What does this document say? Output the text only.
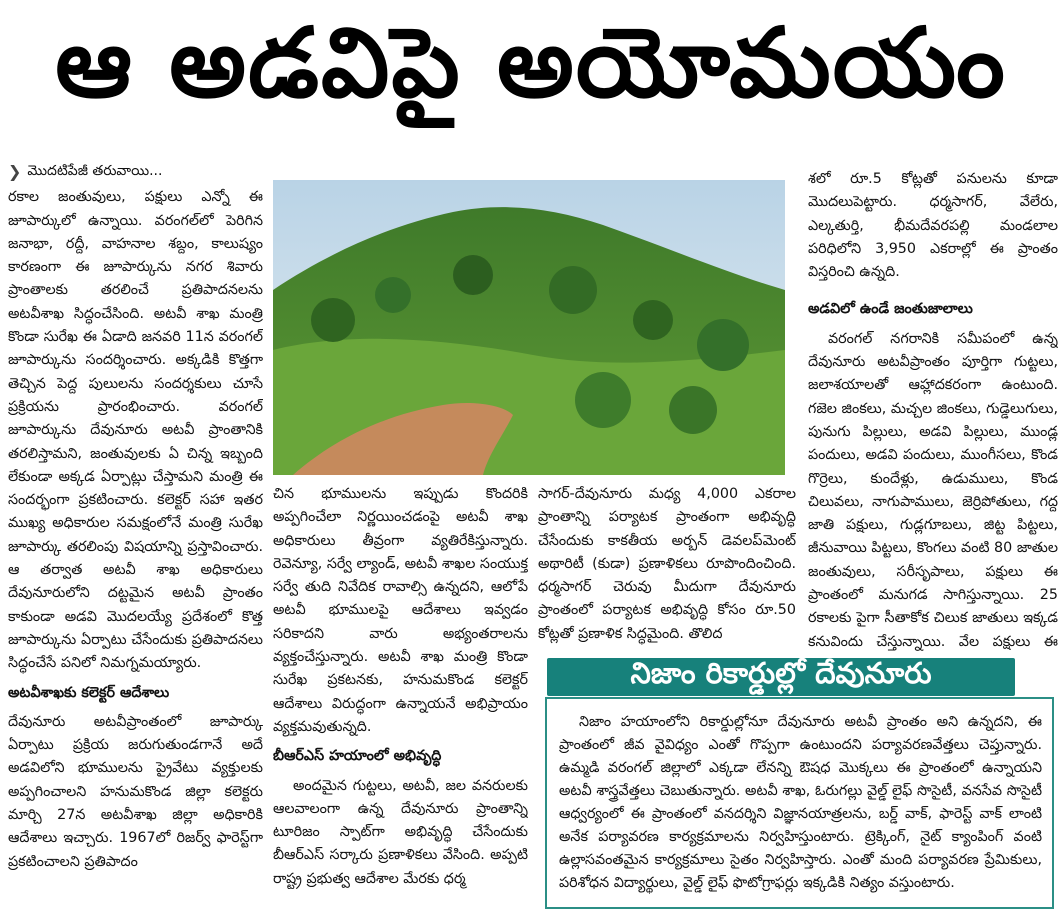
ఆ అడవిపై అయోమయం
❯ మొదటిపేజీ తరువాయి...

రకాల జంతువులు, పక్షులు ఎన్నో ఈ జూపార్కులో ఉన్నాయి. వరంగల్‌లో పెరిగిన జనాభా, రద్దీ, వాహనాల శబ్దం, కాలుష్యం కారణంగా ఈ జూపార్కును నగర శివారు ప్రాంతాలకు తరలించే ప్రతిపాదనలను అటవీశాఖ సిద్ధంచేసింది. అటవీ శాఖ మంత్రి కొండా సురేఖ ఈ ఏడాది జనవరి 11న వరంగల్ జూపార్కును సందర్శించారు. అక్కడికి కొత్తగా తెచ్చిన పెద్ద పులులను సందర్శకులు చూసే ప్రక్రియను ప్రారంభించారు. వరంగల్ జూపార్కును దేవునూరు అటవీ ప్రాంతానికి తరలిస్తామని, జంతువులకు ఏ చిన్న ఇబ్బంది లేకుండా అక్కడ ఏర్పాట్లు చేస్తామని మంత్రి ఈ సందర్భంగా ప్రకటించారు. కలెక్టర్ సహా ఇతర ముఖ్య అధికారుల సమక్షంలోనే మంత్రి సురేఖ జూపార్కు తరలింపు విషయాన్ని ప్రస్తావించారు. ఆ తర్వాత అటవీ శాఖ అధికారులు దేవునూరులోని దట్టమైన అటవీ ప్రాంతం కాకుండా అడవి మొదలయ్యే ప్రదేశంలో కొత్త జూపార్కును ఏర్పాటు చేసేందుకు ప్రతిపాదనలు సిద్ధంచేసే పనిలో నిమగ్నమయ్యారు.

అటవీశాఖకు కలెక్టర్ ఆదేశాలు

దేవునూరు అటవీప్రాంతంలో జూపార్కు ఏర్పాటు ప్రక్రియ జరుగుతుండగానే అదే అడవిలోని భూములను ప్రైవేటు వ్యక్తులకు అప్పగించాలని హనుమకొండ జిల్లా కలెక్టరు మార్చి 27న అటవీశాఖ జిల్లా అధికారికి ఆదేశాలు ఇచ్చారు. 1967లో రిజర్వ్ ఫారెస్ట్‌గా ప్రకటించాలని ప్రతిపాదం

చిన భూములను ఇప్పుడు కొందరికి అప్పగించేలా నిర్ణయించడంపై అటవీ శాఖ అధికారులు తీవ్రంగా వ్యతిరేకిస్తున్నారు. రెవెన్యూ, సర్వే ల్యాండ్, అటవీ శాఖల సంయుక్త సర్వే తుది నివేదిక రావాల్సి ఉన్నదని, ఆలోపే అటవీ భూములపై ఆదేశాలు ఇవ్వడం సరికాదని వారు అభ్యంతరాలను వ్యక్తంచేస్తున్నారు. అటవీ శాఖ మంత్రి కొండా సురేఖ ప్రకటనకు, హనుమకొండ కలెక్టర్ ఆదేశాలు విరుద్ధంగా ఉన్నాయనే అభిప్రాయం వ్యక్తమవుతున్నది.

బీఆర్‌ఎస్ హయాంలో అభివృద్ధి

అందమైన గుట్టలు, అటవీ, జల వనరులకు ఆలవాలంగా ఉన్న దేవునూరు ప్రాంతాన్ని టూరిజం స్పాట్‌గా అభివృద్ధి చేసేందుకు బీఆర్‌ఎస్ సర్కారు ప్రణాళికలు వేసింది. అప్పటి రాష్ట్ర ప్రభుత్వ ఆదేశాల మేరకు ధర్మ

సాగర్-దేవునూరు మధ్య 4,000 ఎకరాల ప్రాంతాన్ని పర్యాటక ప్రాంతంగా అభివృద్ధి చేసేందుకు కాకతీయ అర్బన్ డెవలప్‌మెంట్ అథారిటీ (కుడా) ప్రణాళికలు రూపొందించింది. ధర్మసాగర్ చెరువు మీదుగా దేవునూరు ప్రాంతంలో పర్యాటక అభివృద్ధి కోసం రూ.50 కోట్లతో ప్రణాళిక సిద్ధమైంది. తొలిద

శలో రూ.5 కోట్లతో పనులను కూడా మొదలుపెట్టారు. ధర్మసాగర్, వేలేరు, ఎల్కతుర్తి, భీమదేవరపల్లి మండలాల పరిధిలోని 3,950 ఎకరాల్లో ఈ ప్రాంతం విస్తరించి ఉన్నది.

అడవిలో ఉండే జంతుజాలాలు

వరంగల్ నగరానికి సమీపంలో ఉన్న దేవునూరు అటవీప్రాంతం పూర్తిగా గుట్టలు, జలాశయాలతో ఆహ్లాదకరంగా ఉంటుంది. గజెల జింకలు, మచ్చల జింకలు, గుడ్డెలుగులు, పునుగు పిల్లులు, అడవి పిల్లులు, ముండ్ల పందులు, అడవి పందులు, ముంగీసలు, కొండ గొర్రెలు, కుందేళ్లు, ఉడుములు, కొండ చిలువలు, నాగుపాములు, జెర్రిపోతులు, గద్ద జాతి పక్షులు, గుడ్లగూబలు, జిట్ట పిట్టలు, జీనువాయి పిట్టలు, కొంగలు వంటి 80 జాతుల జంతువులు, సరీసృపాలు, పక్షులు ఈ ప్రాంతంలో మనుగడ సాగిస్తున్నాయి. 25 రకాలకు పైగా సీతాకోక చిలుక జాతులు ఇక్కడ కనువిందు చేస్తున్నాయి. వేల పక్షులు ఈ

నిజాం రికార్డుల్లో దేవునూరు

నిజాం హయాంలోని రికార్డుల్లోనూ దేవునూరు అటవీ ప్రాంతం అని ఉన్నదని, ఈ ప్రాంతంలో జీవ వైవిధ్యం ఎంతో గొప్పగా ఉంటుందని పర్యావరణవేత్తలు చెప్తున్నారు. ఉమ్మడి వరంగల్ జిల్లాలో ఎక్కడా లేనన్ని ఔషధ మొక్కలు ఈ ప్రాంతంలో ఉన్నాయని అటవీ శాస్త్రవేత్తలు చెబుతున్నారు. అటవీ శాఖ, ఓరుగల్లు వైల్డ్ లైఫ్ సొసైటీ, వనసేవ సొసైటీ ఆధ్వర్యంలో ఈ ప్రాంతంలో వనదర్శిని విజ్ఞానయాత్రలను, బర్డ్ వాక్, ఫారెస్ట్ వాక్ లాంటి అనేక పర్యావరణ కార్యక్రమాలను నిర్వహిస్తుంటారు. ట్రెక్కింగ్, నైట్ క్యాంపింగ్ వంటి ఉల్లాసవంతమైన కార్యక్రమాలు సైతం నిర్వహిస్తారు. ఎంతో మంది పర్యావరణ ప్రేమికులు, పరిశోధన విద్యార్థులు, వైల్డ్ లైఫ్ ఫొటోగ్రాఫర్లు ఇక్కడికి నిత్యం వస్తుంటారు.
